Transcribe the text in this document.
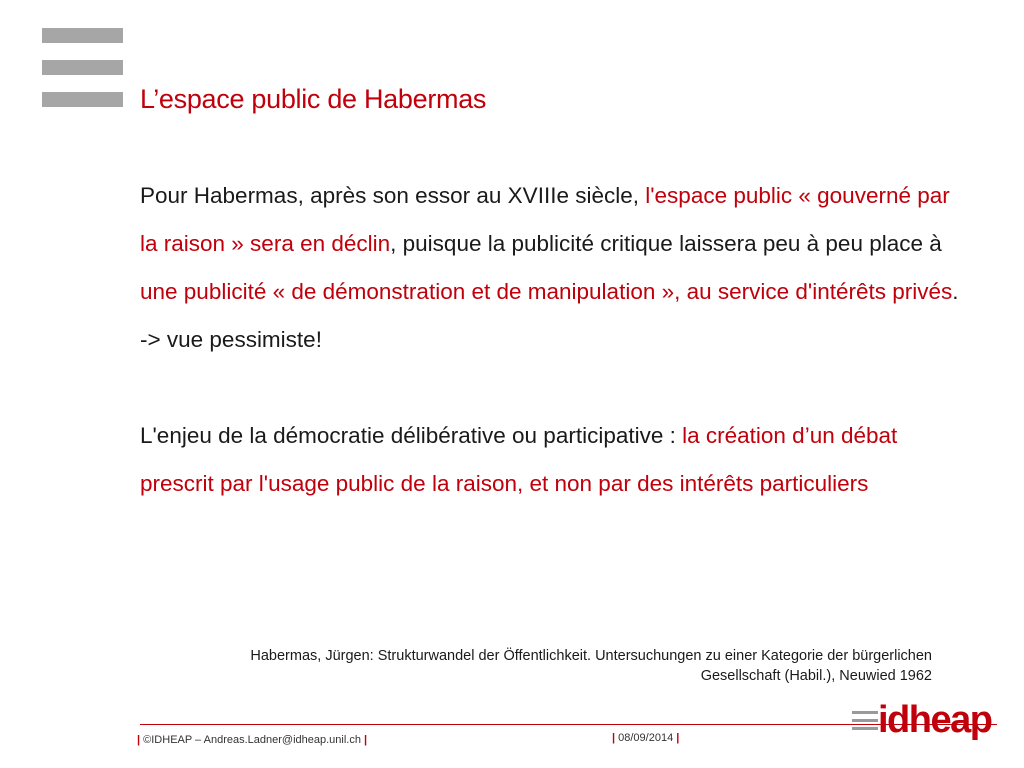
L’espace public de Habermas

Pour Habermas, après son essor au XVIIIe siècle, l'espace public « gouverné par la raison » sera en déclin, puisque la publicité critique laissera peu à peu place à une publicité « de démonstration et de manipulation », au service d'intérêts privés.

-> vue pessimiste!

L'enjeu de la démocratie délibérative ou participative : la création d’un débat prescrit par l'usage public de la raison, et non par des intérêts particuliers

Habermas, Jürgen: Strukturwandel der Öffentlichkeit. Untersuchungen zu einer Kategorie der bürgerlichen
Gesellschaft (Habil.), Neuwied 1962
| ©IDHEAP – Andreas.Ladner@idheap.unil.ch |	| 08/09/2014 |	idheap
